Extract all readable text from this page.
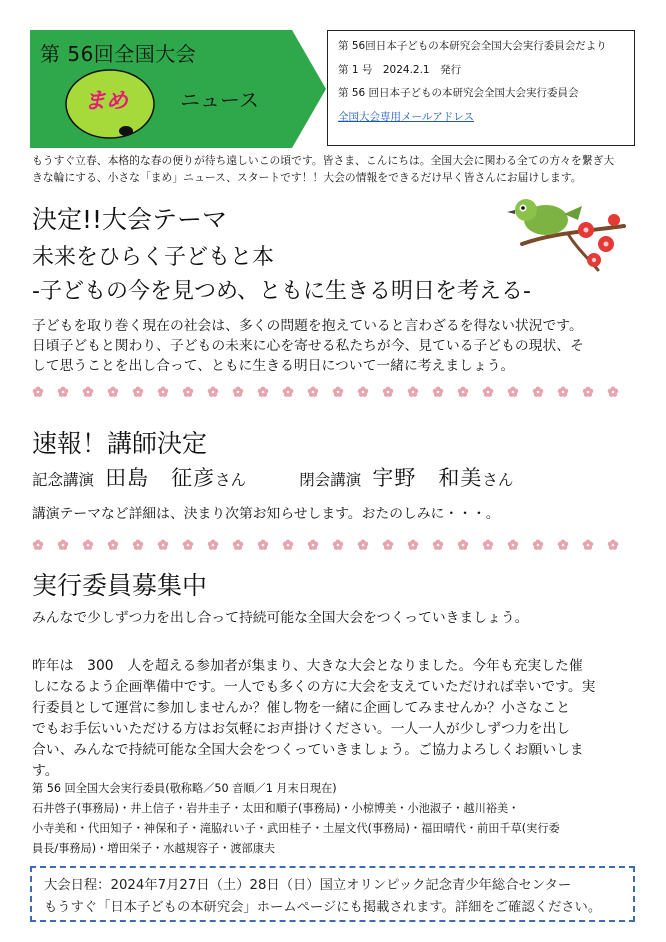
第 56回全国大会
まめ	ニュース
第 56回日本子どもの本研究会全国大会実行委員会だより
第 1 号　2024.2.1　発行
第 56 回日本子どもの本研究会全国大会実行委員会
全国大会専用メールアドレス
もうすぐ立春、本格的な春の便りが待ち遠しいこの頃です。皆さま、こんにちは。全国大会に関わる全ての方々を繋ぎ大
きな輪にする、小さな「まめ」ニュース、スタートです！！大会の情報をできるだけ早く皆さんにお届けします。
決定!!大会テーマ
未来をひらく子どもと本
-子どもの今を見つめ、ともに生きる明日を考える-
子どもを取り巻く現在の社会は、多くの問題を抱えていると言わざるを得ない状況です。
日頃子どもと関わり、子どもの未来に心を寄せる私たちが今、見ている子どもの現状、そ
して思うことを出し合って、ともに生きる明日について一緒に考えましょう。
速報！講師決定
記念講演 田島　征彦さん	閉会講演 宇野　和美さん
講演テーマなど詳細は、決まり次第お知らせします。おたのしみに・・・。
実行委員募集中
みんなで少しずつ力を出し合って持続可能な全国大会をつくっていきましょう。
昨年は　300　人を超える参加者が集まり、大きな大会となりました。今年も充実した催
しになるよう企画準備中です。一人でも多くの方に大会を支えていただければ幸いです。実
行委員として運営に参加しませんか？催し物を一緒に企画してみませんか？小さなこと
でもお手伝いいただける方はお気軽にお声掛けください。一人一人が少しずつ力を出し
合い、みんなで持続可能な全国大会をつくっていきましょう。ご協力よろしくお願いしま
す。
第 56 回全国大会実行委員(敬称略／50 音順／1 月末日現在)
石井啓子(事務局)・井上信子・岩井圭子・太田和順子(事務局)・小椋博美・小池淑子・越川裕美・
小寺美和・代田知子・神保和子・滝脇れい子・武田桂子・土屋文代(事務局)・福田晴代・前田千草(実行委
員長/事務局)・増田栄子・水越規容子・渡部康夫
大会日程：2024年7月27日（土）28日（日）国立オリンピック記念青少年総合センター
もうすぐ「日本子どもの本研究会」ホームページにも掲載されます。詳細をご確認ください。
